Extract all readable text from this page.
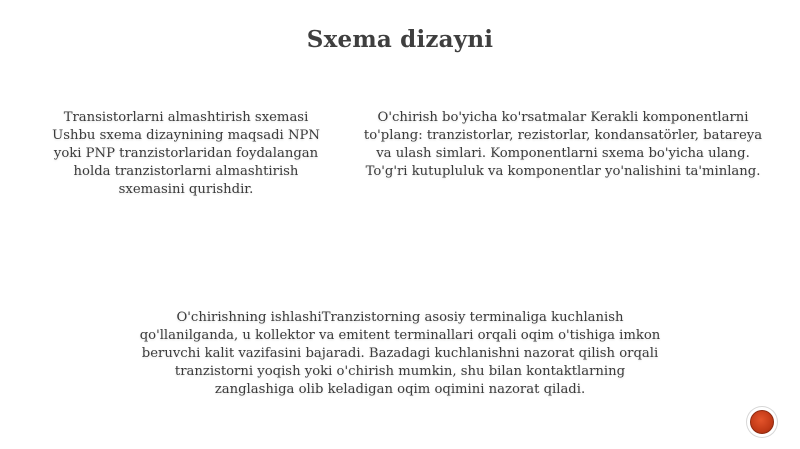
Sxema dizayni
Transistorlarni almashtirish sxemasi
Ushbu sxema dizaynining maqsadi NPN
yoki PNP tranzistorlaridan foydalangan
holda tranzistorlarni almashtirish
sxemasini qurishdir.
O'chirish bo'yicha ko'rsatmalar Kerakli komponentlarni
to'plang: tranzistorlar, rezistorlar, kondansatörler, batareya
va ulash simlari. Komponentlarni sxema bo'yicha ulang.
To'g'ri kutupluluk va komponentlar yo'nalishini ta'minlang.
O'chirishning ishlashiTranzistorning asosiy terminaliga kuchlanish
qo'llanilganda, u kollektor va emitent terminallari orqali oqim o'tishiga imkon
beruvchi kalit vazifasini bajaradi. Bazadagi kuchlanishni nazorat qilish orqali
tranzistorni yoqish yoki o'chirish mumkin, shu bilan kontaktlarning
zanglashiga olib keladigan oqim oqimini nazorat qiladi.
